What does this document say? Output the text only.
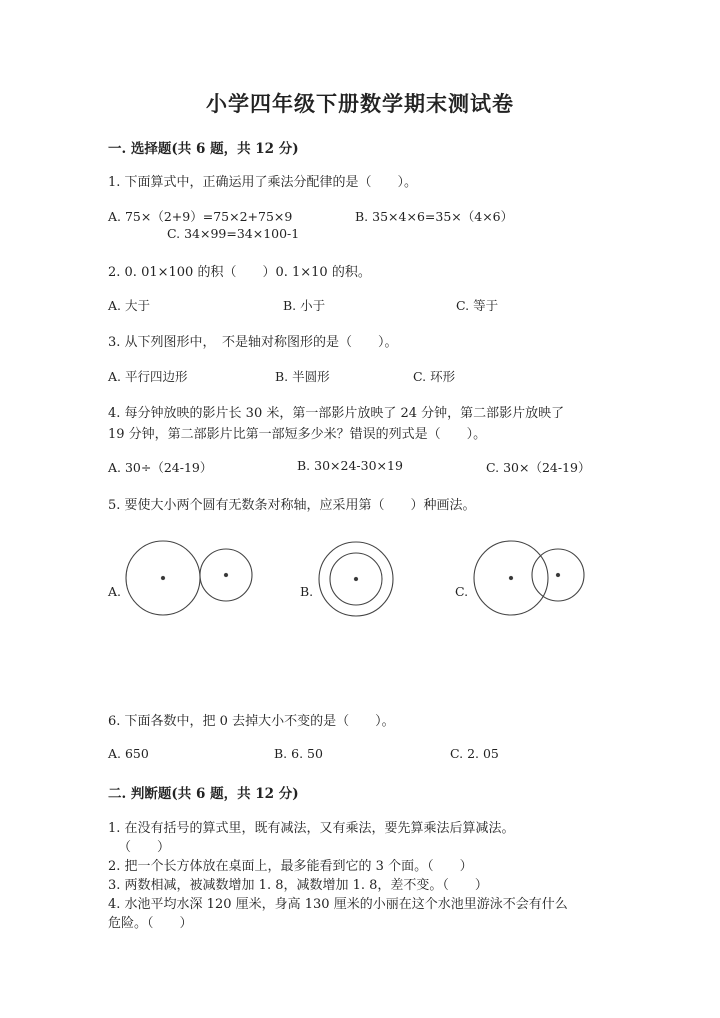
小学四年级下册数学期末测试卷
一. 选择题(共 6 题，共 12 分)
1. 下面算式中，正确运用了乘法分配律的是（　　）。
A. 75×（2+9）=75×2+75×9	B. 35×4×6=35×（4×6）
C. 34×99=34×100-1
2. 0. 01×100 的积（　　）0. 1×10 的积。
A. 大于	B. 小于	C. 等于
3. 从下列图形中，　不是轴对称图形的是（　　）。
A. 平行四边形	B. 半圆形	C. 环形
4. 每分钟放映的影片长 30 米，第一部影片放映了 24 分钟，第二部影片放映了
19 分钟，第二部影片比第一部短多少米？错误的列式是（　　）。
A. 30÷（24-19）	B. 30×24-30×19	C. 30×（24-19）
5. 要使大小两个圆有无数条对称轴，应采用第（　　）种画法。
A.	B.	C.
6. 下面各数中，把 0 去掉大小不变的是（　　）。
A. 650	B. 6. 50	C. 2. 05
二. 判断题(共 6 题，共 12 分)
1. 在没有括号的算式里，既有减法，又有乘法，要先算乘法后算减法。
（　　）
2. 把一个长方体放在桌面上，最多能看到它的 3 个面。（　　）
3. 两数相减，被减数增加 1. 8，减数增加 1. 8，差不变。（　　）
4. 水池平均水深 120 厘米，身高 130 厘米的小丽在这个水池里游泳不会有什么
危险。（　　）
